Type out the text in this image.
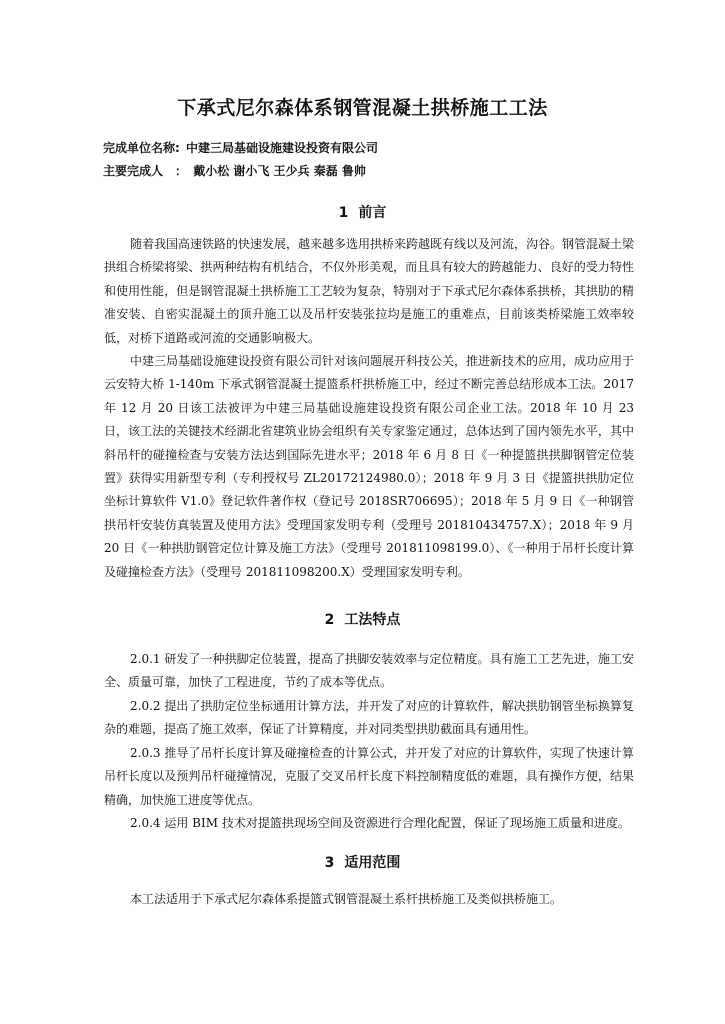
下承式尼尔森体系钢管混凝土拱桥施工工法
完成单位名称: 中建三局基础设施建设投资有限公司
主要完成人　： 戴小松 谢小飞 王少兵 秦磊 鲁帅
1 前言

随着我国高速铁路的快速发展，越来越多选用拱桥来跨越既有线以及河流，沟谷。钢管混凝土梁拱组合桥梁将梁、拱两种结构有机结合，不仅外形美观，而且具有较大的跨越能力、良好的受力特性和使用性能，但是钢管混凝土拱桥施工工艺较为复杂，特别对于下承式尼尔森体系拱桥，其拱肋的精准安装、自密实混凝土的顶升施工以及吊杆安装张拉均是施工的重难点，目前该类桥梁施工效率较低，对桥下道路或河流的交通影响极大。

中建三局基础设施建设投资有限公司针对该问题展开科技公关，推进新技术的应用，成功应用于云安特大桥 1-140m 下承式钢管混凝土提篮系杆拱桥施工中，经过不断完善总结形成本工法。2017 年 12 月 20 日该工法被评为中建三局基础设施建设投资有限公司企业工法。2018 年 10 月 23 日，该工法的关键技术经湖北省建筑业协会组织有关专家鉴定通过，总体达到了国内领先水平，其中斜吊杆的碰撞检查与安装方法达到国际先进水平；2018 年 6 月 8 日《一种提篮拱拱脚钢管定位装置》获得实用新型专利（专利授权号 ZL20172124980.0）；2018 年 9 月 3 日《提篮拱拱肋定位坐标计算软件 V1.0》登记软件著作权（登记号 2018SR706695）；2018 年 5 月 9 日《一种钢管拱吊杆安装仿真装置及使用方法》受理国家发明专利（受理号 201810434757.X）；2018 年 9 月 20 日《一种拱肋钢管定位计算及施工方法》（受理号 201811098199.0）、《一种用于吊杆长度计算及碰撞检查方法》（受理号 201811098200.X）受理国家发明专利。

2 工法特点

2.0.1 研发了一种拱脚定位装置，提高了拱脚安装效率与定位精度。具有施工工艺先进，施工安全、质量可靠，加快了工程进度，节约了成本等优点。

2.0.2 提出了拱肋定位坐标通用计算方法，并开发了对应的计算软件，解决拱肋钢管坐标换算复杂的难题，提高了施工效率，保证了计算精度，并对同类型拱肋截面具有通用性。

2.0.3 推导了吊杆长度计算及碰撞检查的计算公式，并开发了对应的计算软件，实现了快速计算吊杆长度以及预判吊杆碰撞情况，克服了交叉吊杆长度下料控制精度低的难题，具有操作方便，结果精确，加快施工进度等优点。

2.0.4 运用 BIM 技术对提篮拱现场空间及资源进行合理化配置，保证了现场施工质量和进度。

3 适用范围

本工法适用于下承式尼尔森体系提篮式钢管混凝土系杆拱桥施工及类似拱桥施工。
